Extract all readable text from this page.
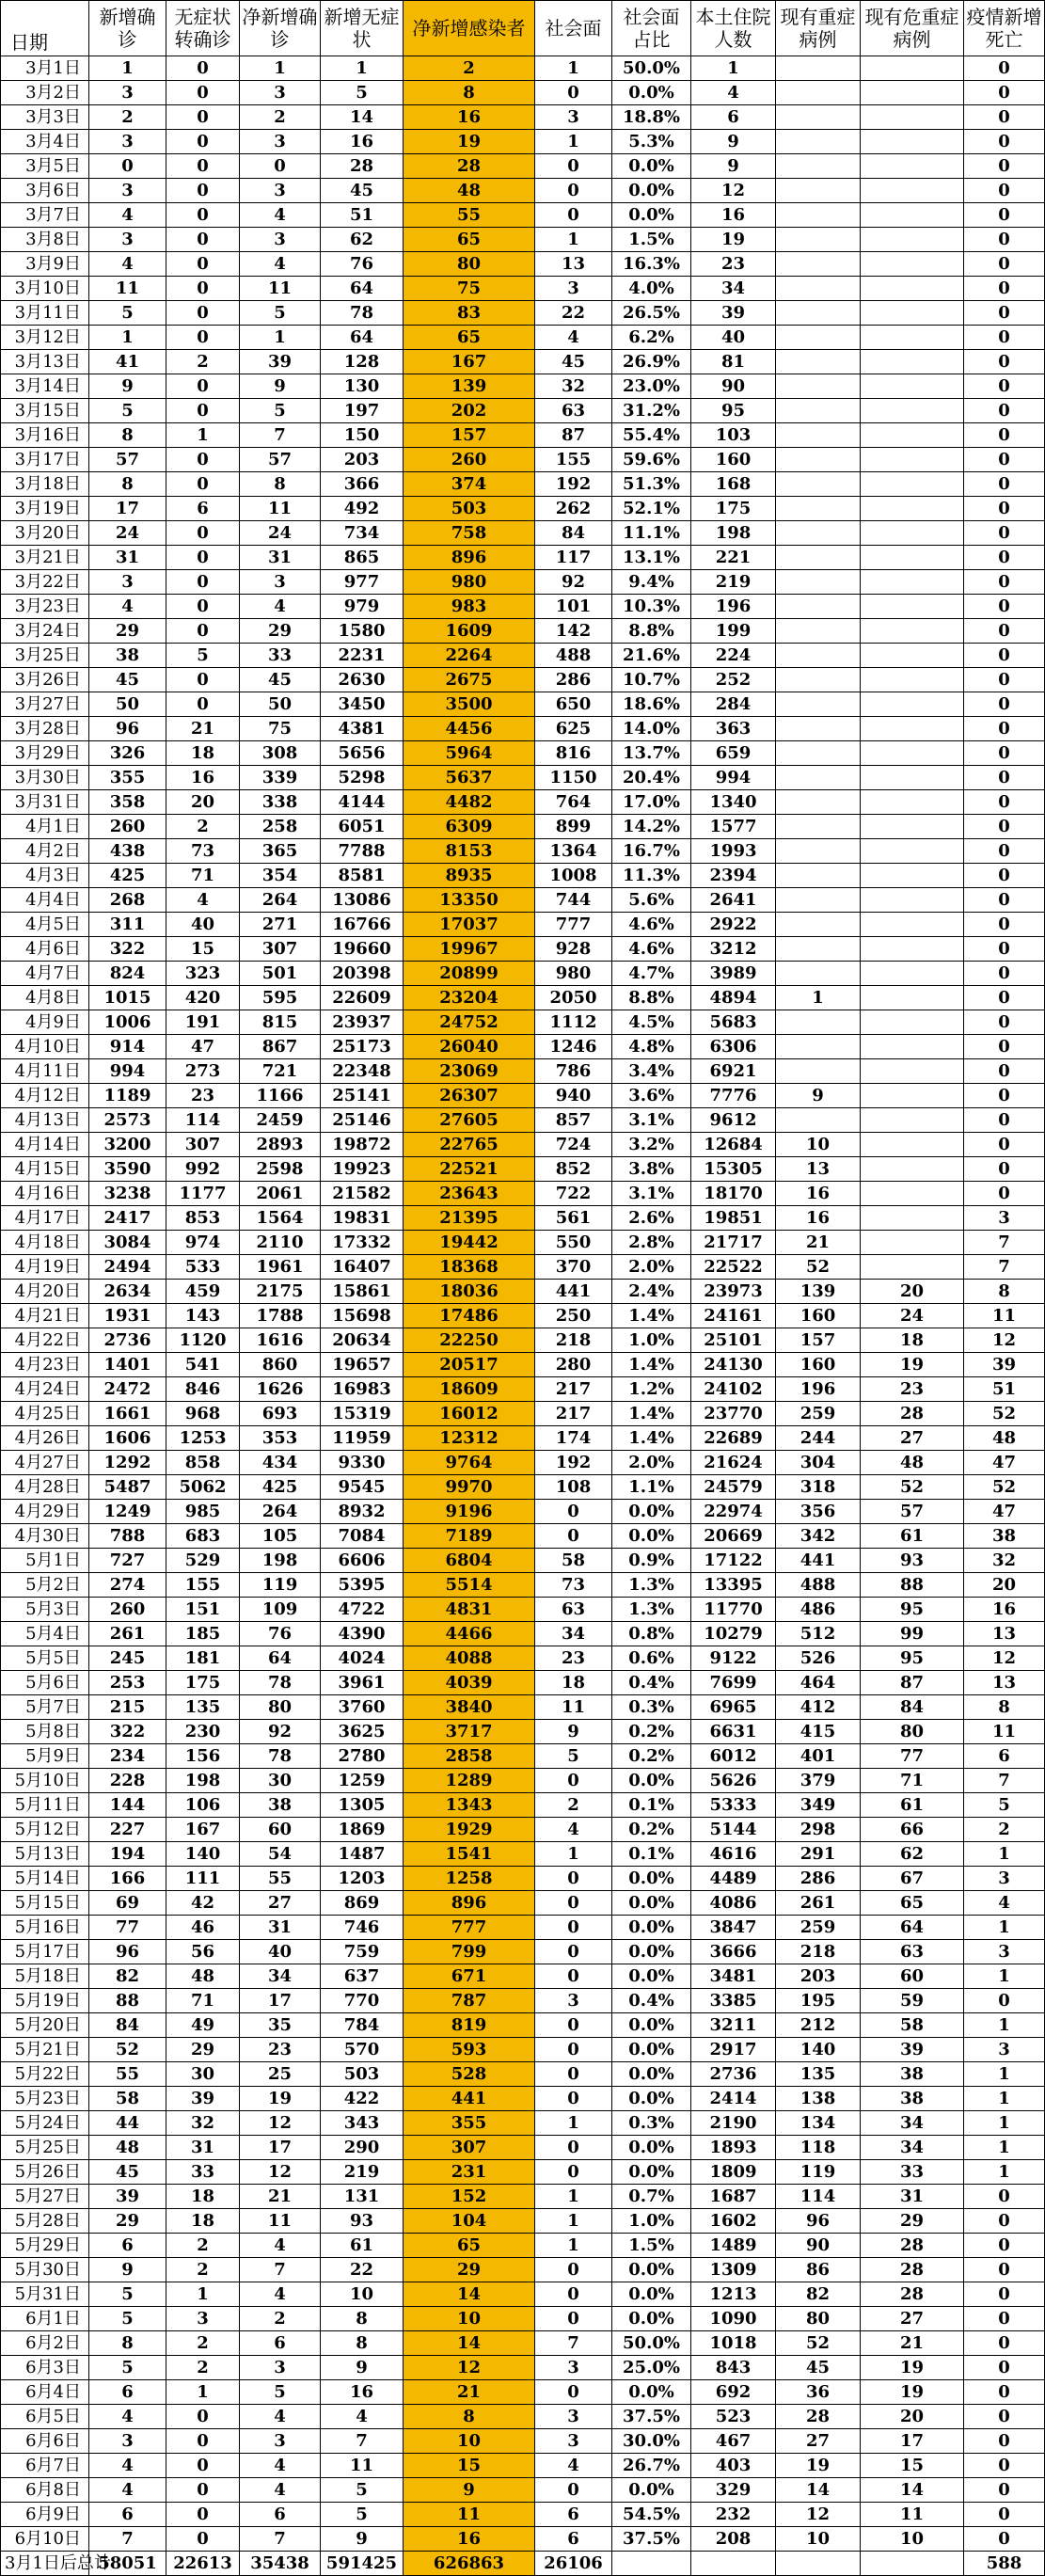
日期	新增确诊	无症状转确诊	净新增确诊	新增无症状	净新增感染者	社会面	社会面占比	本土住院人数	现有重症病例	现有危重症病例	疫情新增死亡
3月1日	1	0	1	1	2	1	50.0%	1			0
3月2日	3	0	3	5	8	0	0.0%	4			0
3月3日	2	0	2	14	16	3	18.8%	6			0
3月4日	3	0	3	16	19	1	5.3%	9			0
3月5日	0	0	0	28	28	0	0.0%	9			0
3月6日	3	0	3	45	48	0	0.0%	12			0
3月7日	4	0	4	51	55	0	0.0%	16			0
3月8日	3	0	3	62	65	1	1.5%	19			0
3月9日	4	0	4	76	80	13	16.3%	23			0
3月10日	11	0	11	64	75	3	4.0%	34			0
3月11日	5	0	5	78	83	22	26.5%	39			0
3月12日	1	0	1	64	65	4	6.2%	40			0
3月13日	41	2	39	128	167	45	26.9%	81			0
3月14日	9	0	9	130	139	32	23.0%	90			0
3月15日	5	0	5	197	202	63	31.2%	95			0
3月16日	8	1	7	150	157	87	55.4%	103			0
3月17日	57	0	57	203	260	155	59.6%	160			0
3月18日	8	0	8	366	374	192	51.3%	168			0
3月19日	17	6	11	492	503	262	52.1%	175			0
3月20日	24	0	24	734	758	84	11.1%	198			0
3月21日	31	0	31	865	896	117	13.1%	221			0
3月22日	3	0	3	977	980	92	9.4%	219			0
3月23日	4	0	4	979	983	101	10.3%	196			0
3月24日	29	0	29	1580	1609	142	8.8%	199			0
3月25日	38	5	33	2231	2264	488	21.6%	224			0
3月26日	45	0	45	2630	2675	286	10.7%	252			0
3月27日	50	0	50	3450	3500	650	18.6%	284			0
3月28日	96	21	75	4381	4456	625	14.0%	363			0
3月29日	326	18	308	5656	5964	816	13.7%	659			0
3月30日	355	16	339	5298	5637	1150	20.4%	994			0
3月31日	358	20	338	4144	4482	764	17.0%	1340			0
4月1日	260	2	258	6051	6309	899	14.2%	1577			0
4月2日	438	73	365	7788	8153	1364	16.7%	1993			0
4月3日	425	71	354	8581	8935	1008	11.3%	2394			0
4月4日	268	4	264	13086	13350	744	5.6%	2641			0
4月5日	311	40	271	16766	17037	777	4.6%	2922			0
4月6日	322	15	307	19660	19967	928	4.6%	3212			0
4月7日	824	323	501	20398	20899	980	4.7%	3989			0
4月8日	1015	420	595	22609	23204	2050	8.8%	4894	1		0
4月9日	1006	191	815	23937	24752	1112	4.5%	5683			0
4月10日	914	47	867	25173	26040	1246	4.8%	6306			0
4月11日	994	273	721	22348	23069	786	3.4%	6921			0
4月12日	1189	23	1166	25141	26307	940	3.6%	7776	9		0
4月13日	2573	114	2459	25146	27605	857	3.1%	9612			0
4月14日	3200	307	2893	19872	22765	724	3.2%	12684	10		0
4月15日	3590	992	2598	19923	22521	852	3.8%	15305	13		0
4月16日	3238	1177	2061	21582	23643	722	3.1%	18170	16		0
4月17日	2417	853	1564	19831	21395	561	2.6%	19851	16		3
4月18日	3084	974	2110	17332	19442	550	2.8%	21717	21		7
4月19日	2494	533	1961	16407	18368	370	2.0%	22522	52		7
4月20日	2634	459	2175	15861	18036	441	2.4%	23973	139	20	8
4月21日	1931	143	1788	15698	17486	250	1.4%	24161	160	24	11
4月22日	2736	1120	1616	20634	22250	218	1.0%	25101	157	18	12
4月23日	1401	541	860	19657	20517	280	1.4%	24130	160	19	39
4月24日	2472	846	1626	16983	18609	217	1.2%	24102	196	23	51
4月25日	1661	968	693	15319	16012	217	1.4%	23770	259	28	52
4月26日	1606	1253	353	11959	12312	174	1.4%	22689	244	27	48
4月27日	1292	858	434	9330	9764	192	2.0%	21624	304	48	47
4月28日	5487	5062	425	9545	9970	108	1.1%	24579	318	52	52
4月29日	1249	985	264	8932	9196	0	0.0%	22974	356	57	47
4月30日	788	683	105	7084	7189	0	0.0%	20669	342	61	38
5月1日	727	529	198	6606	6804	58	0.9%	17122	441	93	32
5月2日	274	155	119	5395	5514	73	1.3%	13395	488	88	20
5月3日	260	151	109	4722	4831	63	1.3%	11770	486	95	16
5月4日	261	185	76	4390	4466	34	0.8%	10279	512	99	13
5月5日	245	181	64	4024	4088	23	0.6%	9122	526	95	12
5月6日	253	175	78	3961	4039	18	0.4%	7699	464	87	13
5月7日	215	135	80	3760	3840	11	0.3%	6965	412	84	8
5月8日	322	230	92	3625	3717	9	0.2%	6631	415	80	11
5月9日	234	156	78	2780	2858	5	0.2%	6012	401	77	6
5月10日	228	198	30	1259	1289	0	0.0%	5626	379	71	7
5月11日	144	106	38	1305	1343	2	0.1%	5333	349	61	5
5月12日	227	167	60	1869	1929	4	0.2%	5144	298	66	2
5月13日	194	140	54	1487	1541	1	0.1%	4616	291	62	1
5月14日	166	111	55	1203	1258	0	0.0%	4489	286	67	3
5月15日	69	42	27	869	896	0	0.0%	4086	261	65	4
5月16日	77	46	31	746	777	0	0.0%	3847	259	64	1
5月17日	96	56	40	759	799	0	0.0%	3666	218	63	3
5月18日	82	48	34	637	671	0	0.0%	3481	203	60	1
5月19日	88	71	17	770	787	3	0.4%	3385	195	59	0
5月20日	84	49	35	784	819	0	0.0%	3211	212	58	1
5月21日	52	29	23	570	593	0	0.0%	2917	140	39	3
5月22日	55	30	25	503	528	0	0.0%	2736	135	38	1
5月23日	58	39	19	422	441	0	0.0%	2414	138	38	1
5月24日	44	32	12	343	355	1	0.3%	2190	134	34	1
5月25日	48	31	17	290	307	0	0.0%	1893	118	34	1
5月26日	45	33	12	219	231	0	0.0%	1809	119	33	1
5月27日	39	18	21	131	152	1	0.7%	1687	114	31	0
5月28日	29	18	11	93	104	1	1.0%	1602	96	29	0
5月29日	6	2	4	61	65	1	1.5%	1489	90	28	0
5月30日	9	2	7	22	29	0	0.0%	1309	86	28	0
5月31日	5	1	4	10	14	0	0.0%	1213	82	28	0
6月1日	5	3	2	8	10	0	0.0%	1090	80	27	0
6月2日	8	2	6	8	14	7	50.0%	1018	52	21	0
6月3日	5	2	3	9	12	3	25.0%	843	45	19	0
6月4日	6	1	5	16	21	0	0.0%	692	36	19	0
6月5日	4	0	4	4	8	3	37.5%	523	28	20	0
6月6日	3	0	3	7	10	3	30.0%	467	27	17	0
6月7日	4	0	4	11	15	4	26.7%	403	19	15	0
6月8日	4	0	4	5	9	0	0.0%	329	14	14	0
6月9日	6	0	6	5	11	6	54.5%	232	12	11	0
6月10日	7	0	7	9	16	6	37.5%	208	10	10	0
3月1日后总计	58051	22613	35438	591425	626863	26106					588
